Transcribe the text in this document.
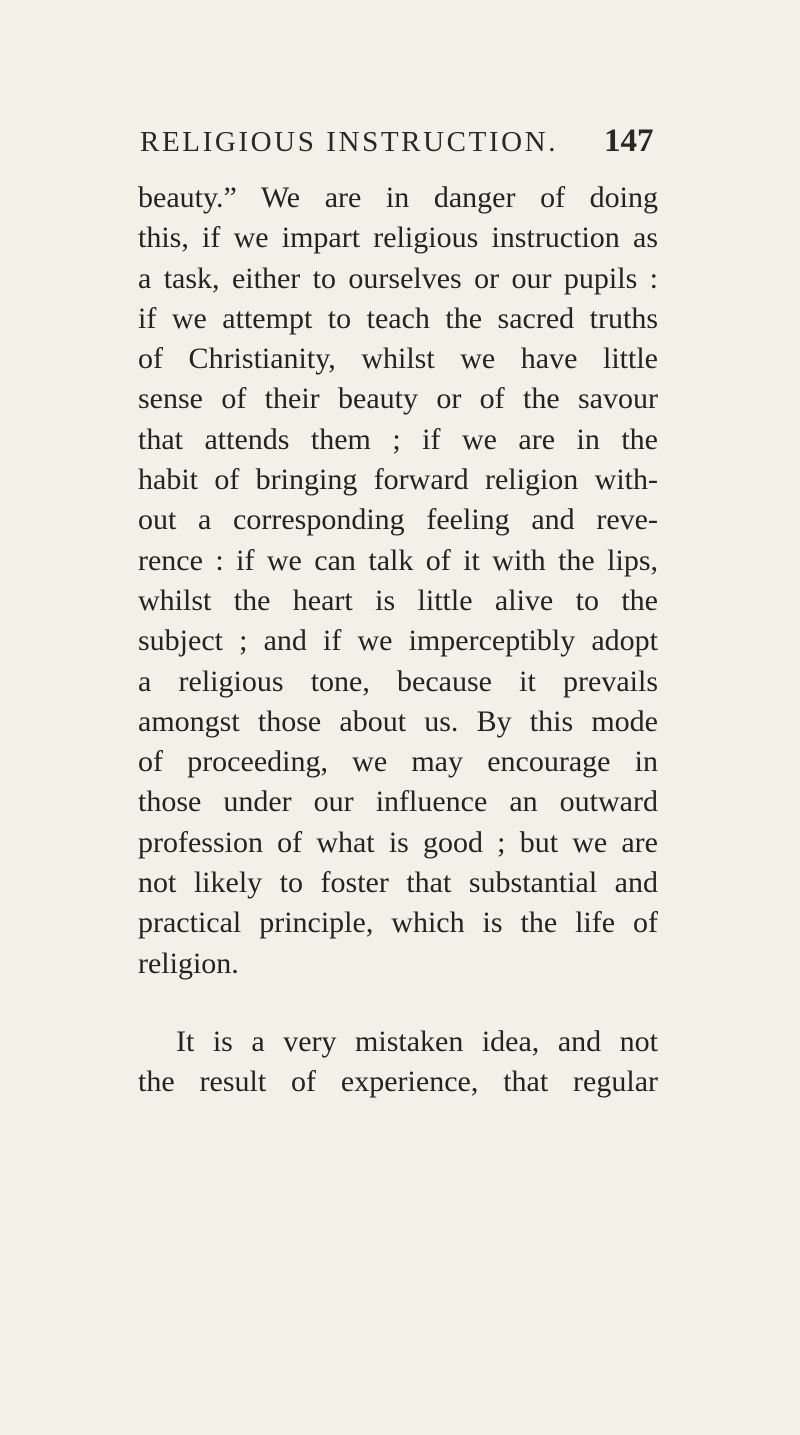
RELIGIOUS INSTRUCTION. 147
beauty.” We are in danger of doing
this, if we impart religious instruction as
a task, either to ourselves or our pupils :
if we attempt to teach the sacred truths
of Christianity, whilst we have little
sense of their beauty or of the savour
that attends them ; if we are in the
habit of bringing forward religion with-
out a corresponding feeling and reve-
rence : if we can talk of it with the lips,
whilst the heart is little alive to the
subject ; and if we imperceptibly adopt
a religious tone, because it prevails
amongst those about us. By this mode
of proceeding, we may encourage in
those under our influence an outward
profession of what is good ; but we are
not likely to foster that substantial and
practical principle, which is the life of
religion.
It is a very mistaken idea, and not
the result of experience, that regular
